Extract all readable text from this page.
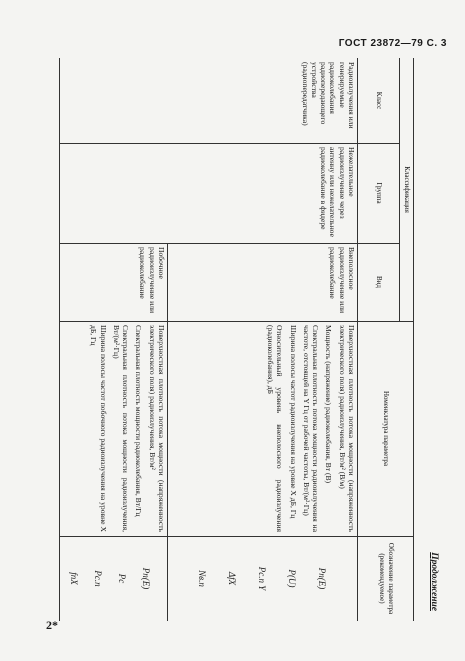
ГОСТ 23872—79 С. 3
2*
Продолжение
Классификация
Класс
Группа
Вид
Номенклатура параметра
Обозначение параметра (рекомендуемое)
Радиоизлучения или генерируемые радиоколебания радиопередающего устройства (радиопередатчика)
Нежелательное радиоизлучение через антенну или нежелательное радиоколебание в фидере
Внеполосное радиоизлучение или радиоколебание
Побочное радиоизлучение или радиоколебание
Поверхностная плотность потока мощности (напряженность электрического поля) радиоизлучения, Вт/м² (В/м)
Мощность (напряжение) радиоколебания, Вт (В)
Спектральная плотность потока мощности радиоизлучения на частоте, отстоящей на Y Гц от рабочей частоты, Вт/(м²·Гц)
Ширина полосы частот радиоизлучения на уровне X дБ, Гц
Относительный уровень внеполосного радиоизлучения (радиоколебания), дБ
Pп(E)
P(U)
Pс.п Y
ΔfX
Nв.п
Поверхностная плотность потока мощности (напряженность электрического поля) радиоизлучения, Вт/м²
Спектральная плотность мощности радиоколебания, Вт/Гц
Спектральная плотность потока мощности радиоизлучения, Вт/(м²·Гц)
Ширина полосы частот побочного радиоизлучения на уровне X дБ, Гц
Pп(E)
Pс
Pс.п
fпX
